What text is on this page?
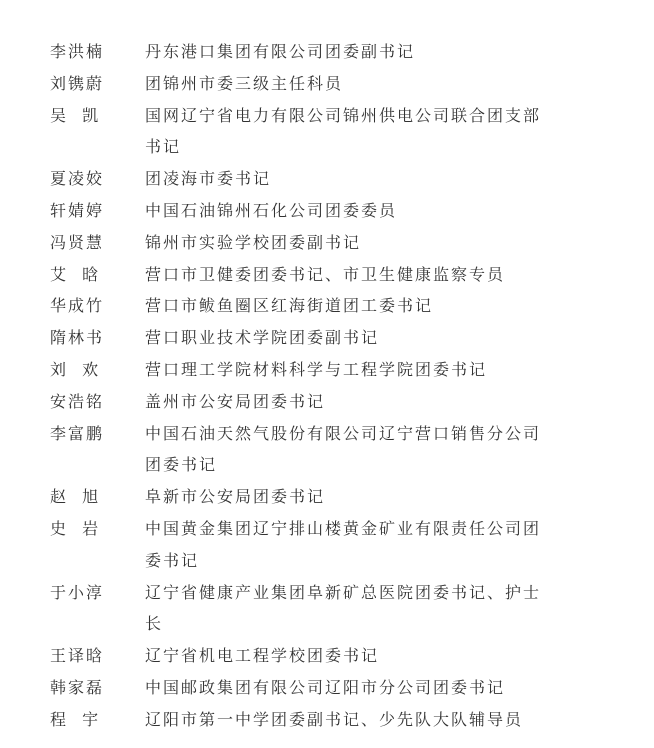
李洪楠	丹东港口集团有限公司团委副书记
刘镌蔚	团锦州市委三级主任科员
吴  凯	国网辽宁省电力有限公司锦州供电公司联合团支部书记
夏凌姣	团凌海市委书记
轩婧婷	中国石油锦州石化公司团委委员
冯贤慧	锦州市实验学校团委副书记
艾  晗	营口市卫健委团委书记、市卫生健康监察专员
华成竹	营口市鲅鱼圈区红海街道团工委书记
隋林书	营口职业技术学院团委副书记
刘  欢	营口理工学院材料科学与工程学院团委书记
安浩铭	盖州市公安局团委书记
李富鹏	中国石油天然气股份有限公司辽宁营口销售分公司团委书记
赵  旭	阜新市公安局团委书记
史  岩	中国黄金集团辽宁排山楼黄金矿业有限责任公司团委书记
于小淳	辽宁省健康产业集团阜新矿总医院团委书记、护士长
王译晗	辽宁省机电工程学校团委书记
韩家磊	中国邮政集团有限公司辽阳市分公司团委书记
程  宇	辽阳市第一中学团委副书记、少先队大队辅导员
